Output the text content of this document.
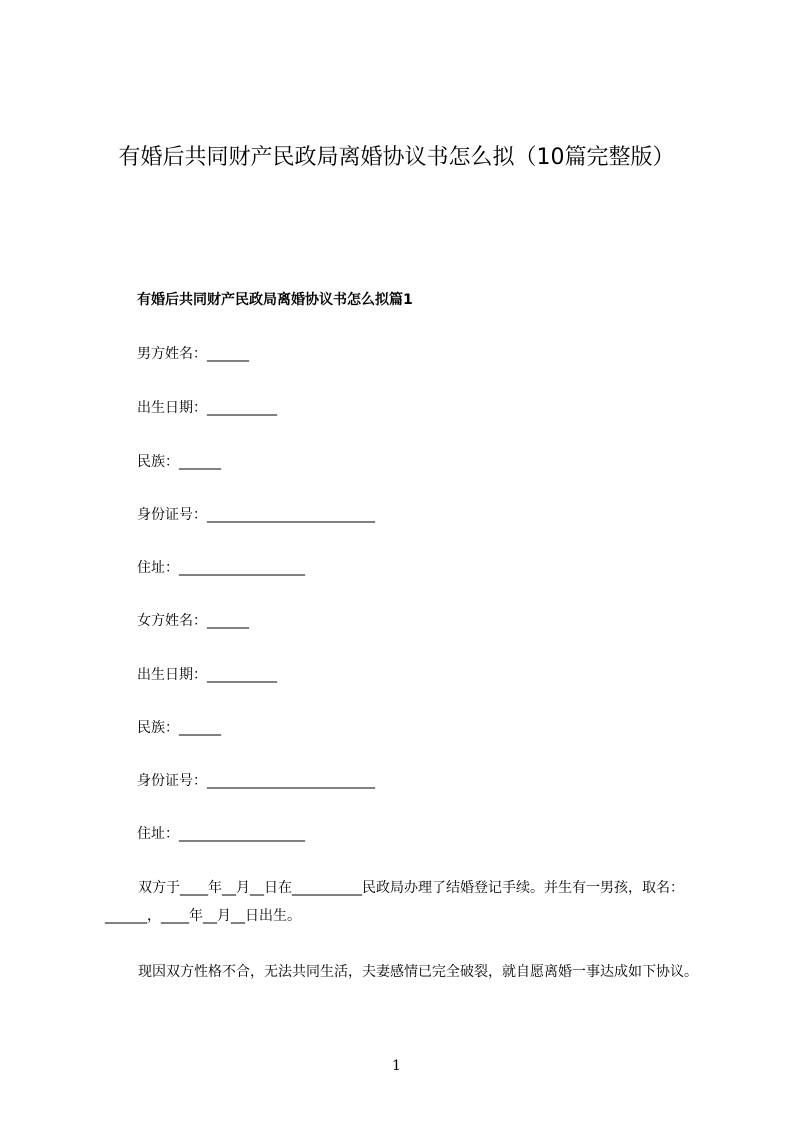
有婚后共同财产民政局离婚协议书怎么拟（10篇完整版）
有婚后共同财产民政局离婚协议书怎么拟篇1
男方姓名：______
出生日期：__________
民族：______
身份证号：________________________
住址：__________________
女方姓名：______
出生日期：__________
民族：______
身份证号：________________________
住址：__________________

双方于____年__月__日在__________民政局办理了结婚登记手续。并生有一男孩，取名：______，____年__月__日出生。

现因双方性格不合，无法共同生活，夫妻感情已完全破裂，就自愿离婚一事达成如下协议。

1
